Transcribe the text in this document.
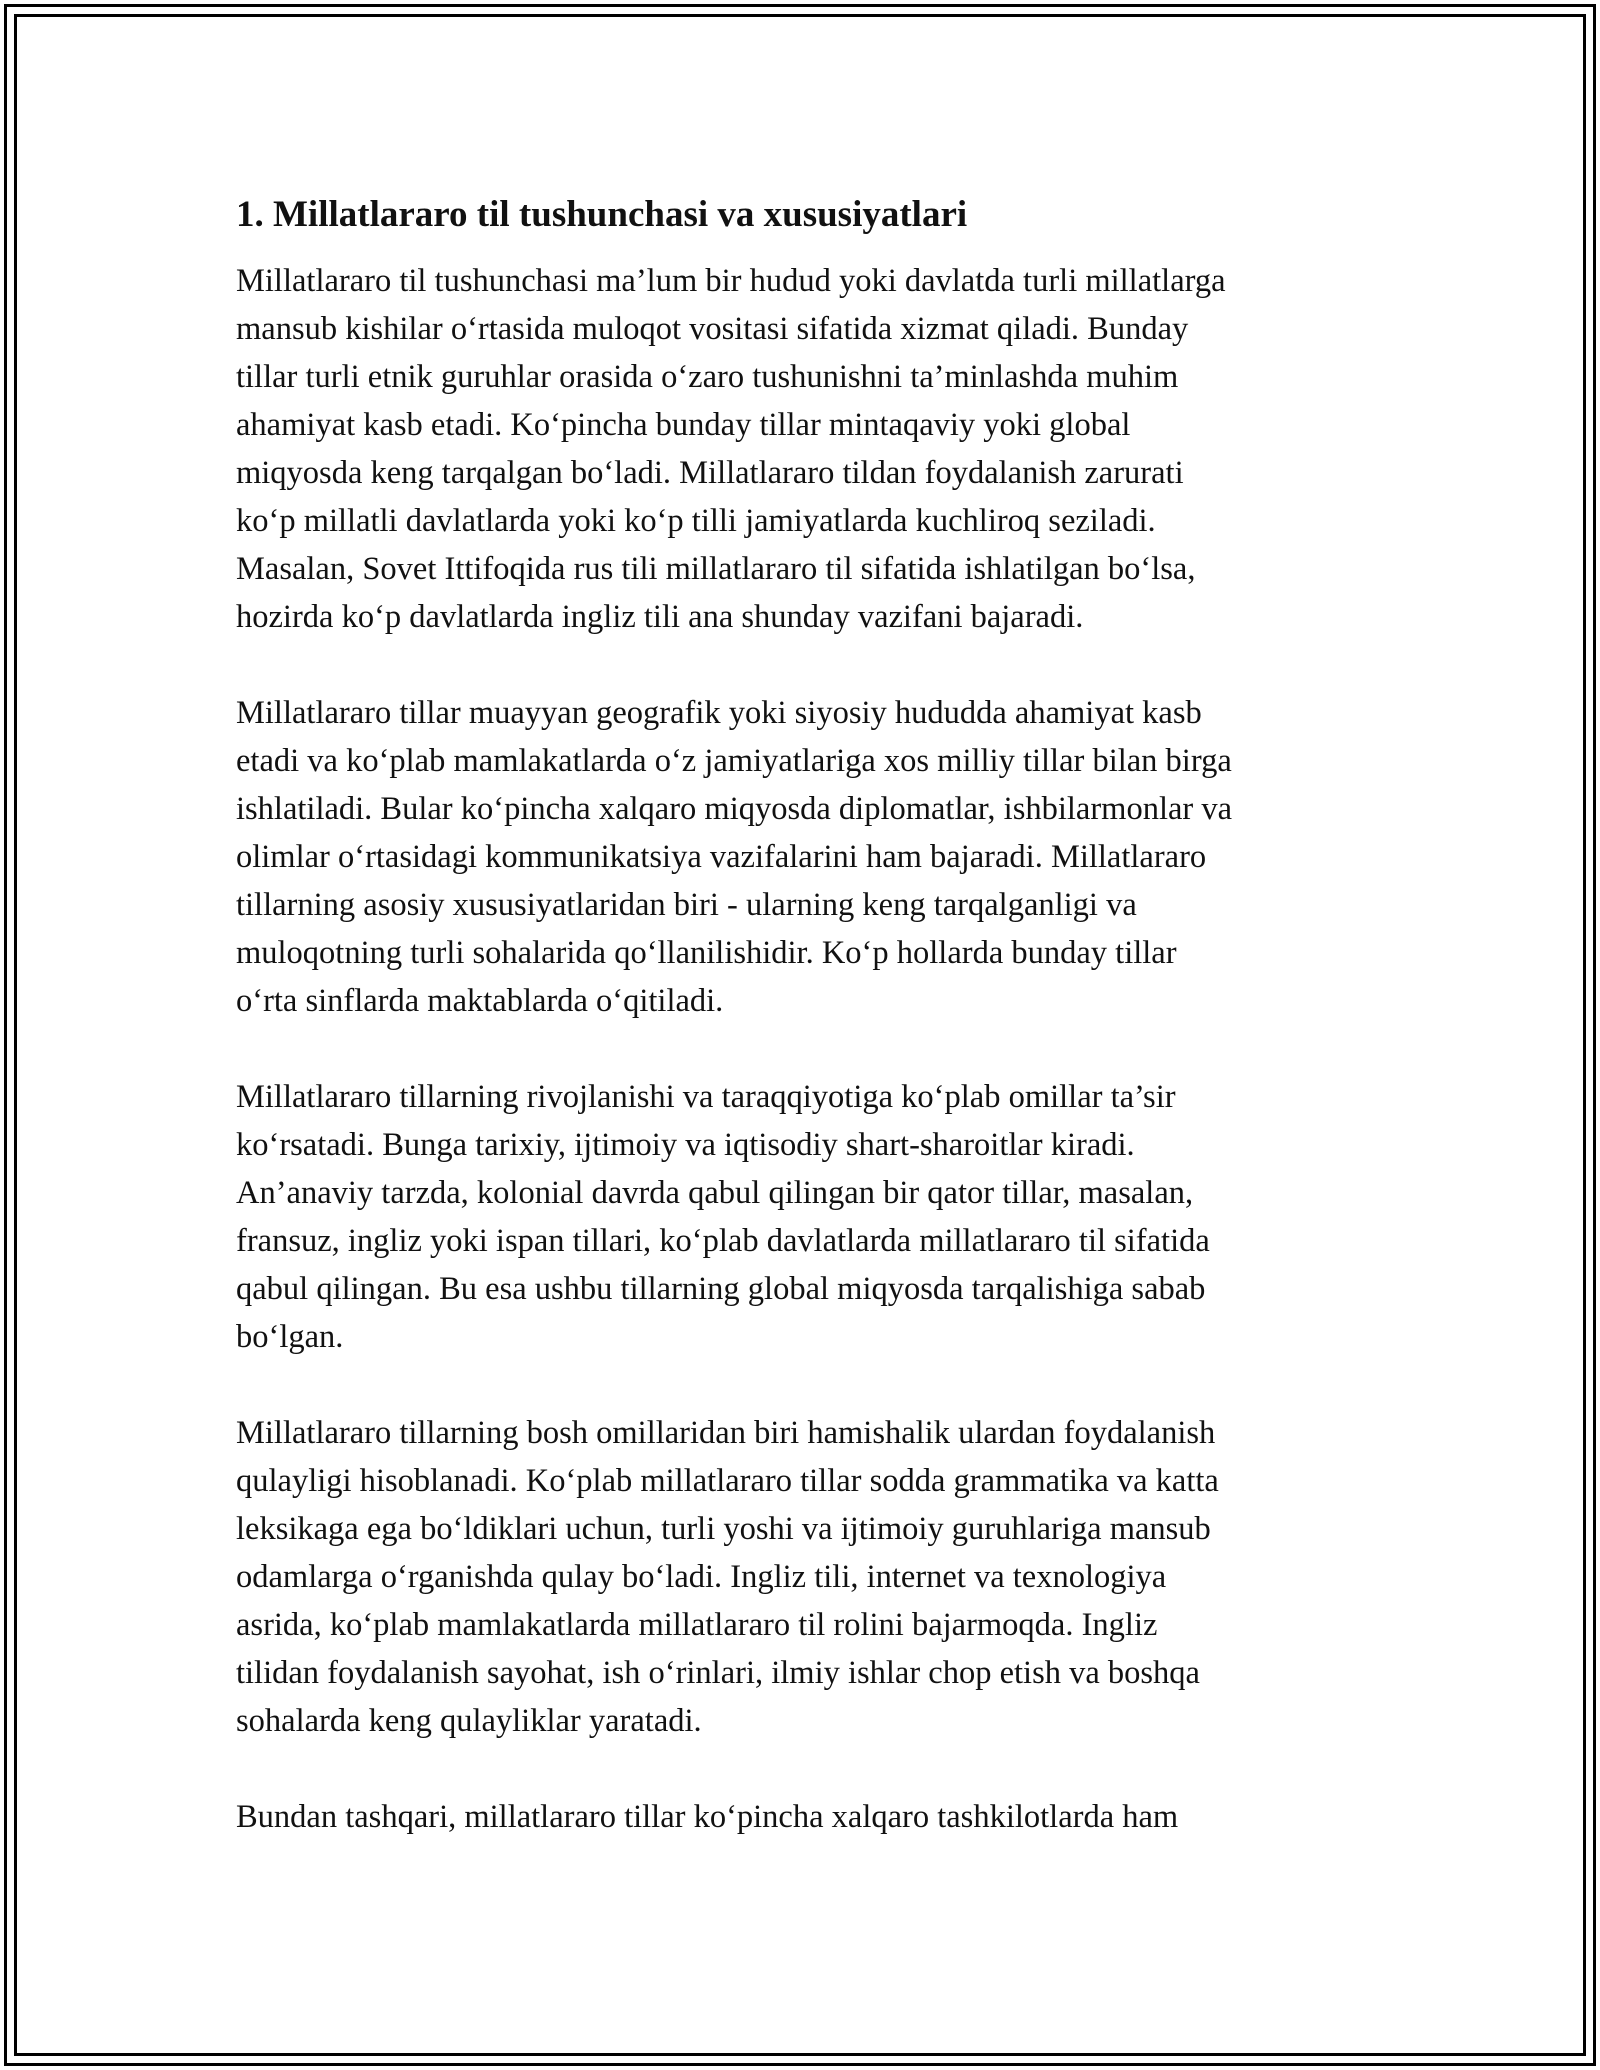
1. Millatlararo til tushunchasi va xususiyatlari

Millatlararo til tushunchasi ma’lum bir hudud yoki davlatda turli millatlarga
mansub kishilar o‘rtasida muloqot vositasi sifatida xizmat qiladi. Bunday
tillar turli etnik guruhlar orasida o‘zaro tushunishni ta’minlashda muhim
ahamiyat kasb etadi. Ko‘pincha bunday tillar mintaqaviy yoki global
miqyosda keng tarqalgan bo‘ladi. Millatlararo tildan foydalanish zarurati
ko‘p millatli davlatlarda yoki ko‘p tilli jamiyatlarda kuchliroq seziladi.
Masalan, Sovet Ittifoqida rus tili millatlararo til sifatida ishlatilgan bo‘lsa,
hozirda ko‘p davlatlarda ingliz tili ana shunday vazifani bajaradi.

Millatlararo tillar muayyan geografik yoki siyosiy hududda ahamiyat kasb
etadi va ko‘plab mamlakatlarda o‘z jamiyatlariga xos milliy tillar bilan birga
ishlatiladi. Bular ko‘pincha xalqaro miqyosda diplomatlar, ishbilarmonlar va
olimlar o‘rtasidagi kommunikatsiya vazifalarini ham bajaradi. Millatlararo
tillarning asosiy xususiyatlaridan biri - ularning keng tarqalganligi va
muloqotning turli sohalarida qo‘llanilishidir. Ko‘p hollarda bunday tillar
o‘rta sinflarda maktablarda o‘qitiladi.

Millatlararo tillarning rivojlanishi va taraqqiyotiga ko‘plab omillar ta’sir
ko‘rsatadi. Bunga tarixiy, ijtimoiy va iqtisodiy shart-sharoitlar kiradi.
An’anaviy tarzda, kolonial davrda qabul qilingan bir qator tillar, masalan,
fransuz, ingliz yoki ispan tillari, ko‘plab davlatlarda millatlararo til sifatida
qabul qilingan. Bu esa ushbu tillarning global miqyosda tarqalishiga sabab
bo‘lgan.

Millatlararo tillarning bosh omillaridan biri hamishalik ulardan foydalanish
qulayligi hisoblanadi. Ko‘plab millatlararo tillar sodda grammatika va katta
leksikaga ega bo‘ldiklari uchun, turli yoshi va ijtimoiy guruhlariga mansub
odamlarga o‘rganishda qulay bo‘ladi. Ingliz tili, internet va texnologiya
asrida, ko‘plab mamlakatlarda millatlararo til rolini bajarmoqda. Ingliz
tilidan foydalanish sayohat, ish o‘rinlari, ilmiy ishlar chop etish va boshqa
sohalarda keng qulayliklar yaratadi.

Bundan tashqari, millatlararo tillar ko‘pincha xalqaro tashkilotlarda ham
